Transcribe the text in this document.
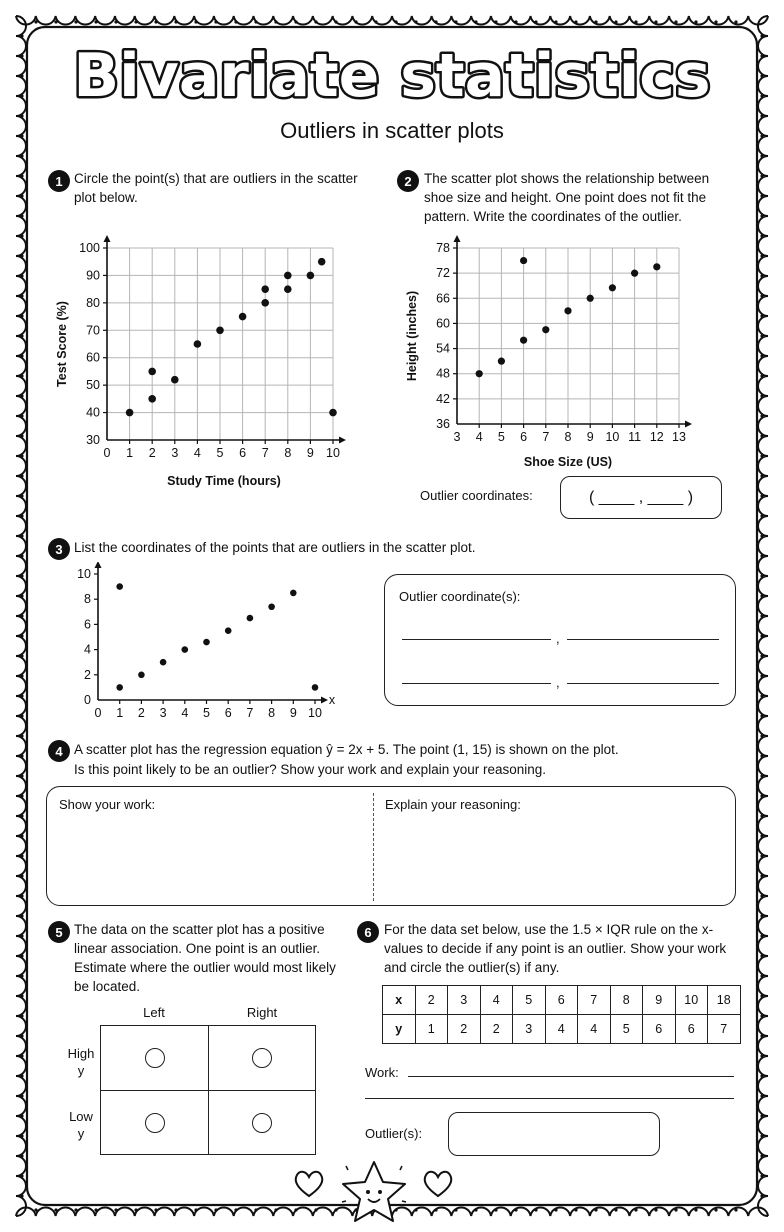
Bivariate statistics
Outliers in scatter plots
1 Circle the point(s) that are outliers in the scatter plot below.
0 1 2 3 4 5 6 7 8 9 10
30
40
50
60
70
80
90
100
Study Time (hours)
Test Score (%)
2 The scatter plot shows the relationship between shoe size and height. One point does not fit the pattern. Write the coordinates of the outlier.
3 4 5 6 7 8 9 10 11 12 13
36
42
48
54
60
66
72
78
Shoe Size (US)
Height (inches)
Outlier coordinates:	( ____ , ____ )
3 List the coordinates of the points that are outliers in the scatter plot.
0 1 2 3 4 5 6 7 8 9 10
0
2
4
6
8
10
x
Outlier coordinate(s):
,
,
4 A scatter plot has the regression equation ŷ = 2x + 5. The point (1, 15) is shown on the plot.
Is this point likely to be an outlier? Show your work and explain your reasoning.
Show your work:	Explain your reasoning:
5 The data on the scatter plot has a positive linear association. One point is an outlier. Estimate where the outlier would most likely be located.
Left	Right
High
y
Low
y
6 For the data set below, use the 1.5 × IQR rule on the x-values to decide if any point is an outlier. Show your work and circle the outlier(s) if any.
x	2	3	4	5	6	7	8	9	10	18
y	1	2	2	3	4	4	5	6	6	7
Work:
Outlier(s):
